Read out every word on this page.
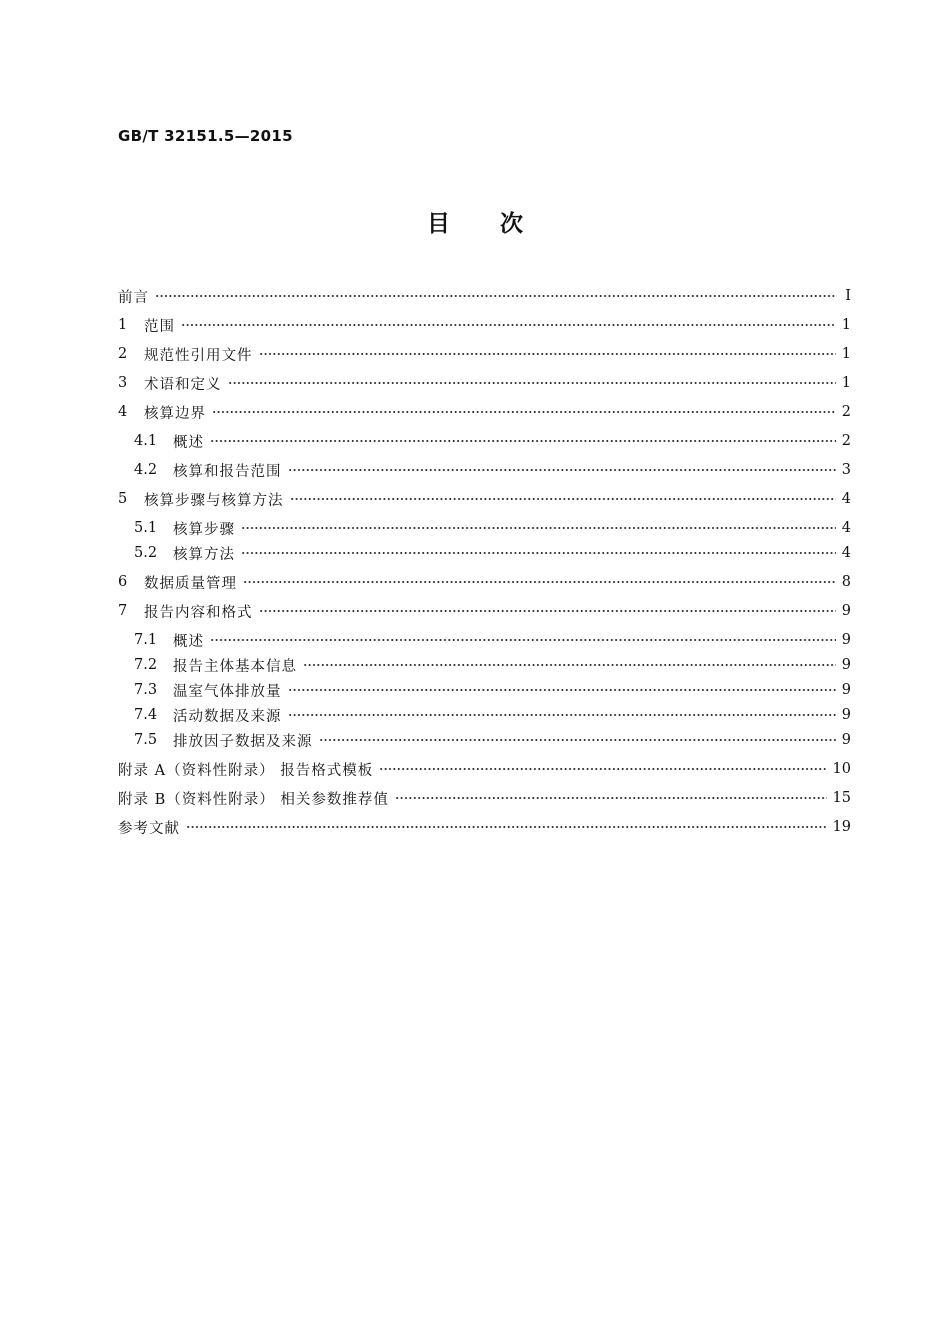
GB/T 32151.5—2015
目次
前言	Ⅰ
1	范围	1
2	规范性引用文件	1
3	术语和定义	1
4	核算边界	2
4.1	概述	2
4.2	核算和报告范围	3
5	核算步骤与核算方法	4
5.1	核算步骤	4
5.2	核算方法	4
6	数据质量管理	8
7	报告内容和格式	9
7.1	概述	9
7.2	报告主体基本信息	9
7.3	温室气体排放量	9
7.4	活动数据及来源	9
7.5	排放因子数据及来源	9
附录 A（资料性附录） 报告格式模板	10
附录 B（资料性附录） 相关参数推荐值	15
参考文献	19
